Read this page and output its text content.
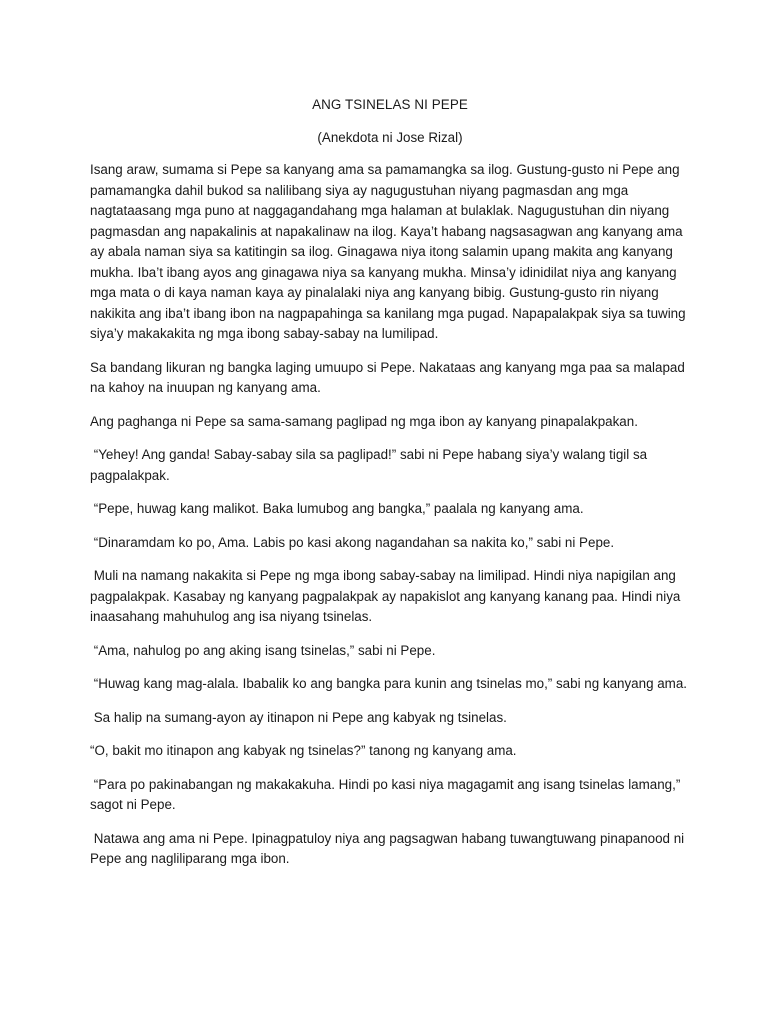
ANG TSINELAS NI PEPE
(Anekdota ni Jose Rizal)

Isang araw, sumama si Pepe sa kanyang ama sa pamamangka sa ilog. Gustung-gusto ni Pepe ang pamamangka dahil bukod sa nalilibang siya ay nagugustuhan niyang pagmasdan ang mga nagtataasang mga puno at naggagandahang mga halaman at bulaklak. Nagugustuhan din niyang pagmasdan ang napakalinis at napakalinaw na ilog. Kaya’t habang nagsasagwan ang kanyang ama ay abala naman siya sa katitingin sa ilog. Ginagawa niya itong salamin upang makita ang kanyang mukha. Iba’t ibang ayos ang ginagawa niya sa kanyang mukha. Minsa’y idinidilat niya ang kanyang mga mata o di kaya naman kaya ay pinalalaki niya ang kanyang bibig. Gustung-gusto rin niyang nakikita ang iba’t ibang ibon na nagpapahinga sa kanilang mga pugad. Napapalakpak siya sa tuwing siya’y makakakita ng mga ibong sabay-sabay na lumilipad.

Sa bandang likuran ng bangka laging umuupo si Pepe. Nakataas ang kanyang mga paa sa malapad na kahoy na inuupan ng kanyang ama.

Ang paghanga ni Pepe sa sama-samang paglipad ng mga ibon ay kanyang pinapalakpakan.

“Yehey! Ang ganda! Sabay-sabay sila sa paglipad!” sabi ni Pepe habang siya’y walang tigil sa pagpalakpak.

“Pepe, huwag kang malikot. Baka lumubog ang bangka,” paalala ng kanyang ama.

“Dinaramdam ko po, Ama. Labis po kasi akong nagandahan sa nakita ko,” sabi ni Pepe.

Muli na namang nakakita si Pepe ng mga ibong sabay-sabay na limilipad. Hindi niya napigilan ang pagpalakpak. Kasabay ng kanyang pagpalakpak ay napakislot ang kanyang kanang paa. Hindi niya inaasahang mahuhulog ang isa niyang tsinelas.

“Ama, nahulog po ang aking isang tsinelas,” sabi ni Pepe.

“Huwag kang mag-alala. Ibabalik ko ang bangka para kunin ang tsinelas mo,” sabi ng kanyang ama.

Sa halip na sumang-ayon ay itinapon ni Pepe ang kabyak ng tsinelas.

“O, bakit mo itinapon ang kabyak ng tsinelas?” tanong ng kanyang ama.

“Para po pakinabangan ng makakakuha. Hindi po kasi niya magagamit ang isang tsinelas lamang,” sagot ni Pepe.

Natawa ang ama ni Pepe. Ipinagpatuloy niya ang pagsagwan habang tuwangtuwang pinapanood ni Pepe ang nagliliparang mga ibon.
